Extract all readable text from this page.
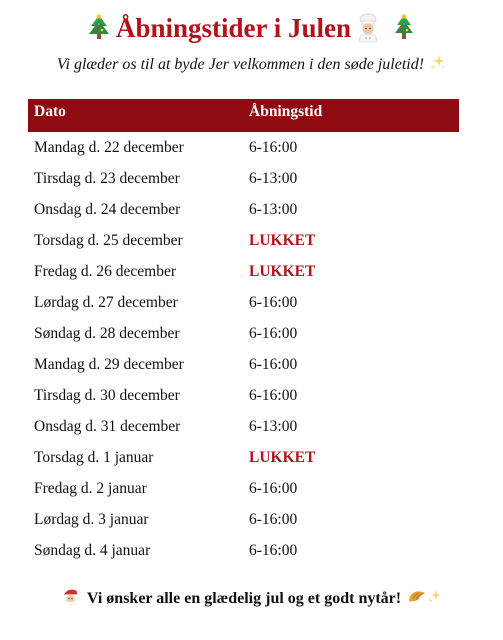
Åbningstider i Julen
Vi glæder os til at byde Jer velkommen i den søde juletid!
Dato	Åbningstid
Mandag d. 22 december	6-16:00
Tirsdag d. 23 december	6-13:00
Onsdag d. 24 december	6-13:00
Torsdag d. 25 december	LUKKET
Fredag d. 26 december	LUKKET
Lørdag d. 27 december	6-16:00
Søndag d. 28 december	6-16:00
Mandag d. 29 december	6-16:00
Tirsdag d. 30 december	6-16:00
Onsdag d. 31 december	6-13:00
Torsdag d. 1 januar	LUKKET
Fredag d. 2 januar	6-16:00
Lørdag d. 3 januar	6-16:00
Søndag d. 4 januar	6-16:00
Vi ønsker alle en glædelig jul og et godt nytår!
